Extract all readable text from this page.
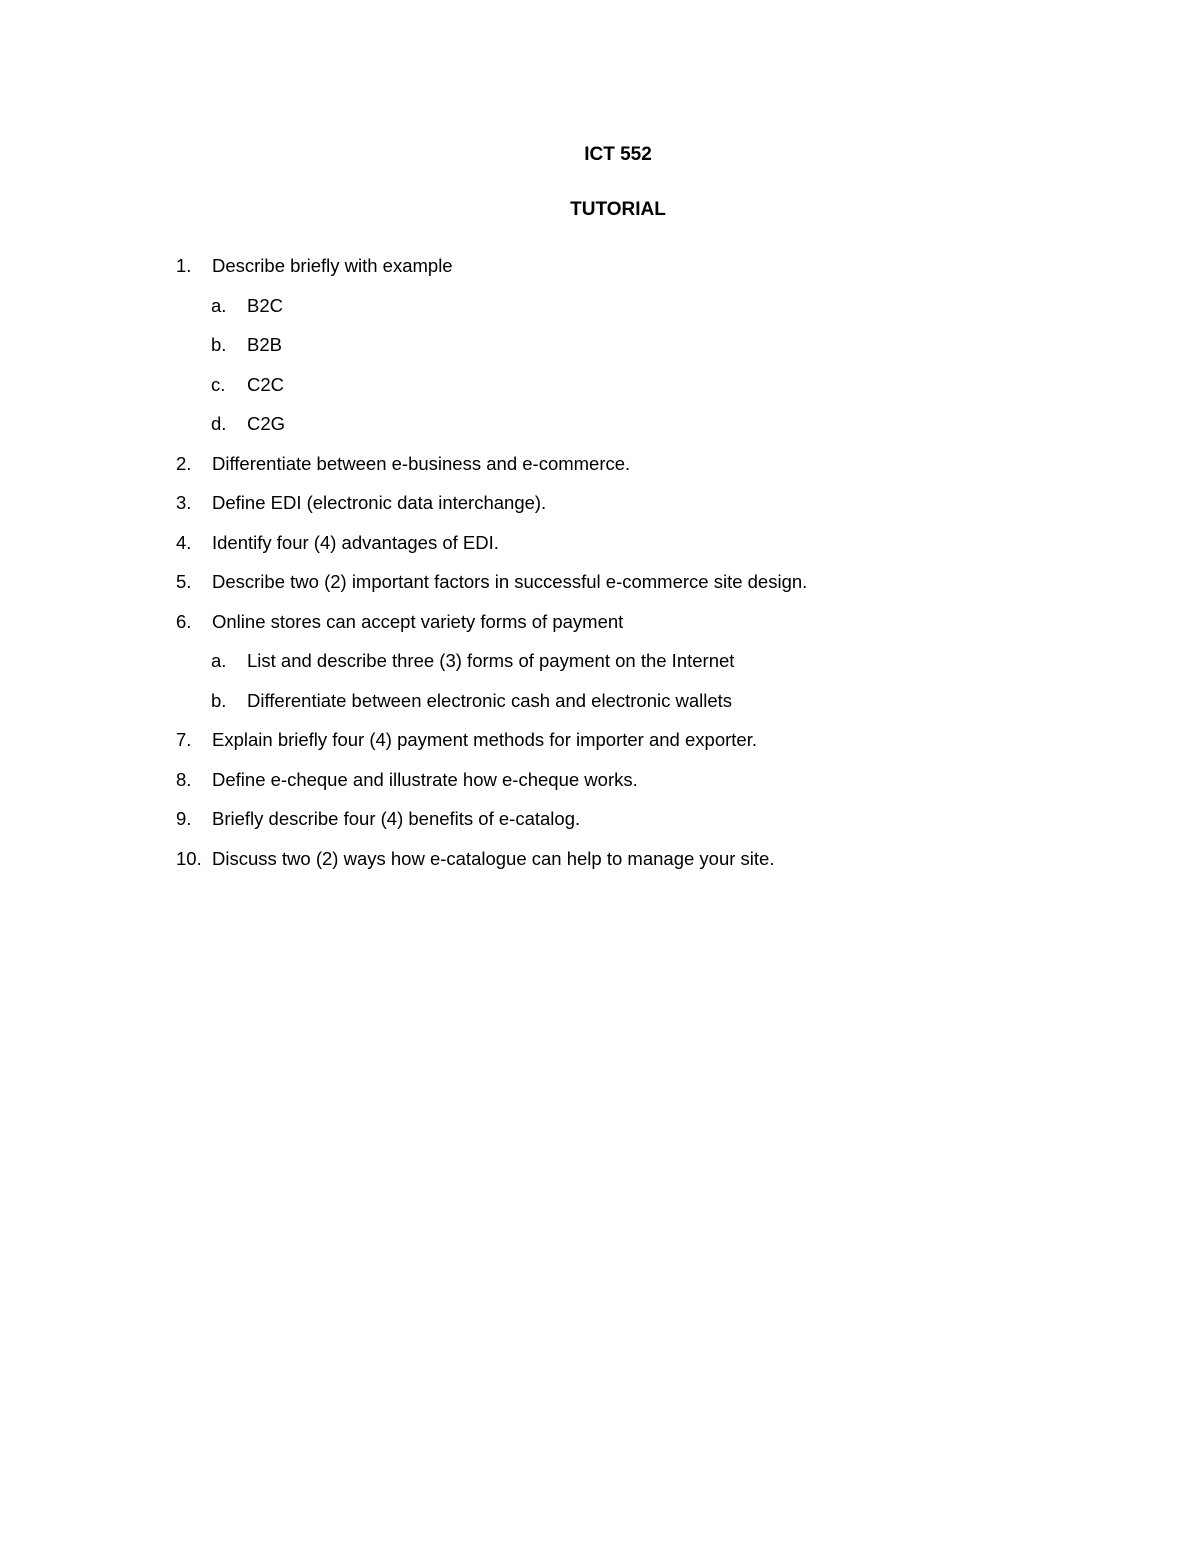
ICT 552
TUTORIAL
1. Describe briefly with example
a. B2C
b. B2B
c. C2C
d. C2G
2. Differentiate between e-business and e-commerce.
3. Define EDI (electronic data interchange).
4. Identify four (4) advantages of EDI.
5. Describe two (2) important factors in successful e-commerce site design.
6. Online stores can accept variety forms of payment
a. List and describe three (3) forms of payment on the Internet
b. Differentiate between electronic cash and electronic wallets
7. Explain briefly four (4) payment methods for importer and exporter.
8. Define e-cheque and illustrate how e-cheque works.
9. Briefly describe four (4) benefits of e-catalog.
10. Discuss two (2) ways how e-catalogue can help to manage your site.
